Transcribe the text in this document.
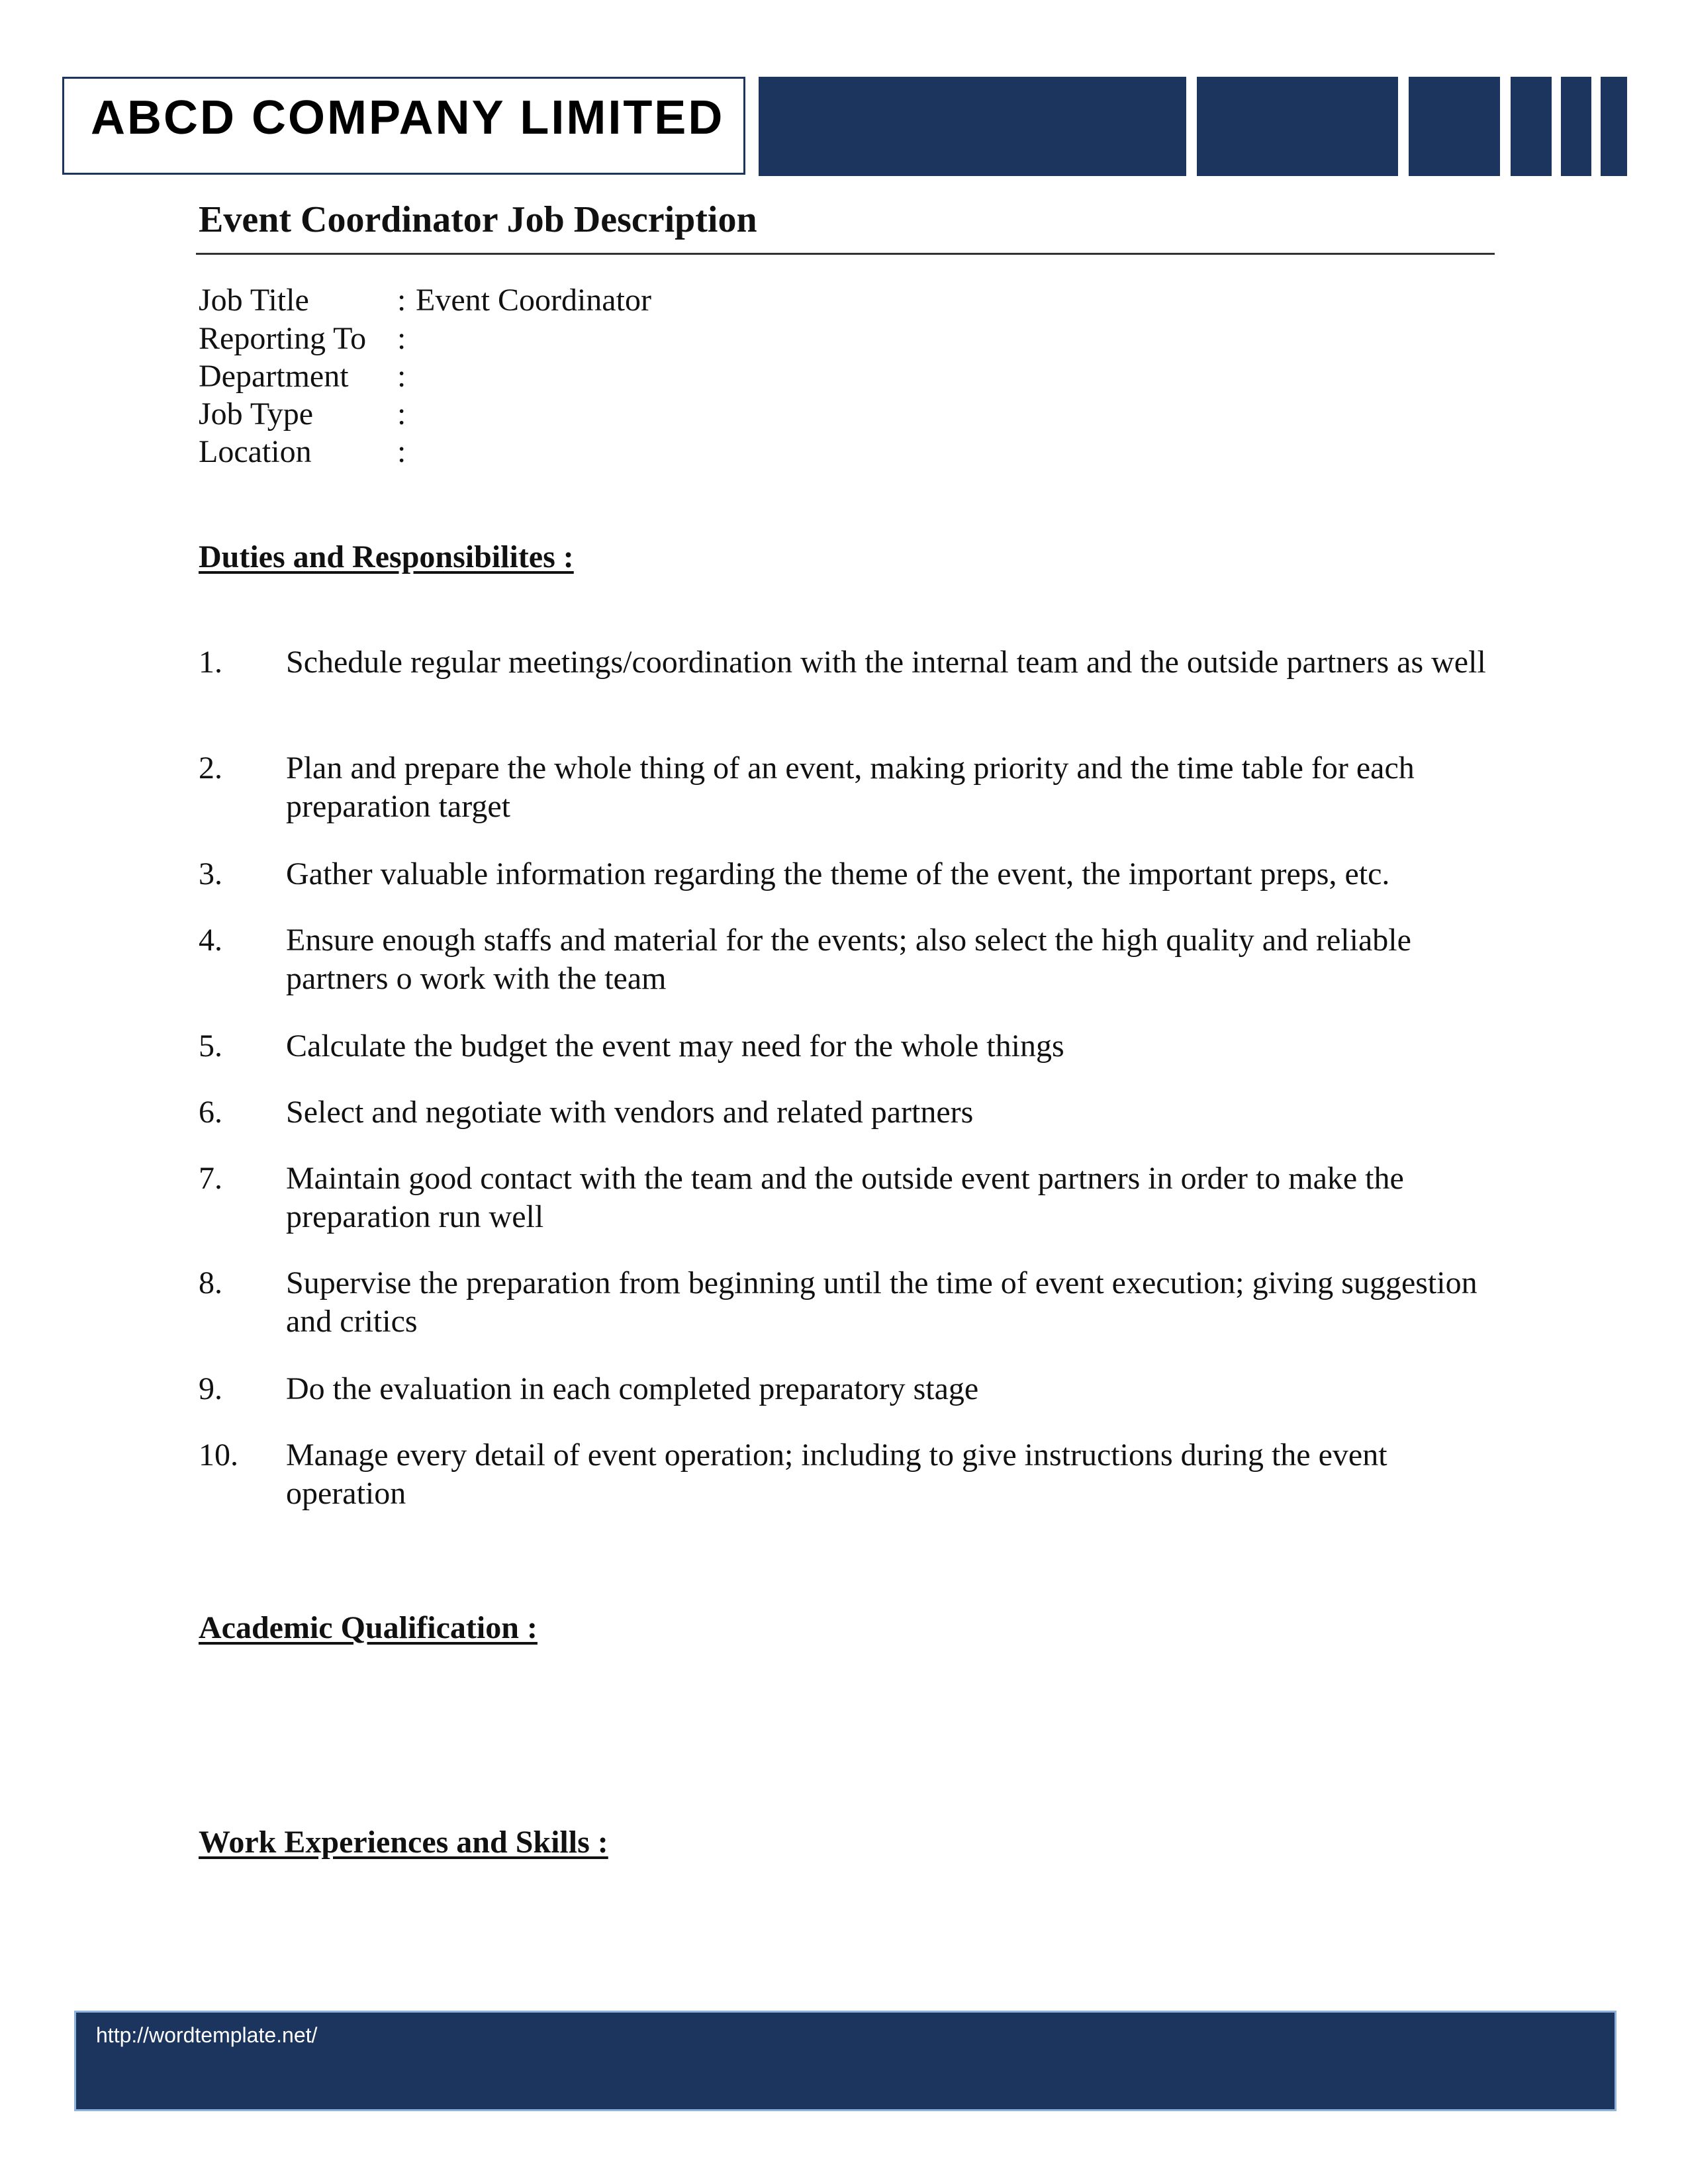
ABCD COMPANY LIMITED
Event Coordinator Job Description
Job Title	: Event Coordinator
Reporting To :
Department :
Job Type	:
Location	:
Duties and Responsibilites :
1. Schedule regular meetings/coordination with the internal team and the outside partners as well
2. Plan and prepare the whole thing of an event, making priority and the time table for each preparation target
3. Gather valuable information regarding the theme of the event, the important preps, etc.
4. Ensure enough staffs and material for the events; also select the high quality and reliable partners o work with the team
5. Calculate the budget the event may need for the whole things
6. Select and negotiate with vendors and related partners
7. Maintain good contact with the team and the outside event partners in order to make the preparation run well
8. Supervise the preparation from beginning until the time of event execution; giving suggestion and critics
9. Do the evaluation in each completed preparatory stage
10. Manage every detail of event operation; including to give instructions during the event operation
Academic Qualification :
Work Experiences and Skills :
http://wordtemplate.net/
